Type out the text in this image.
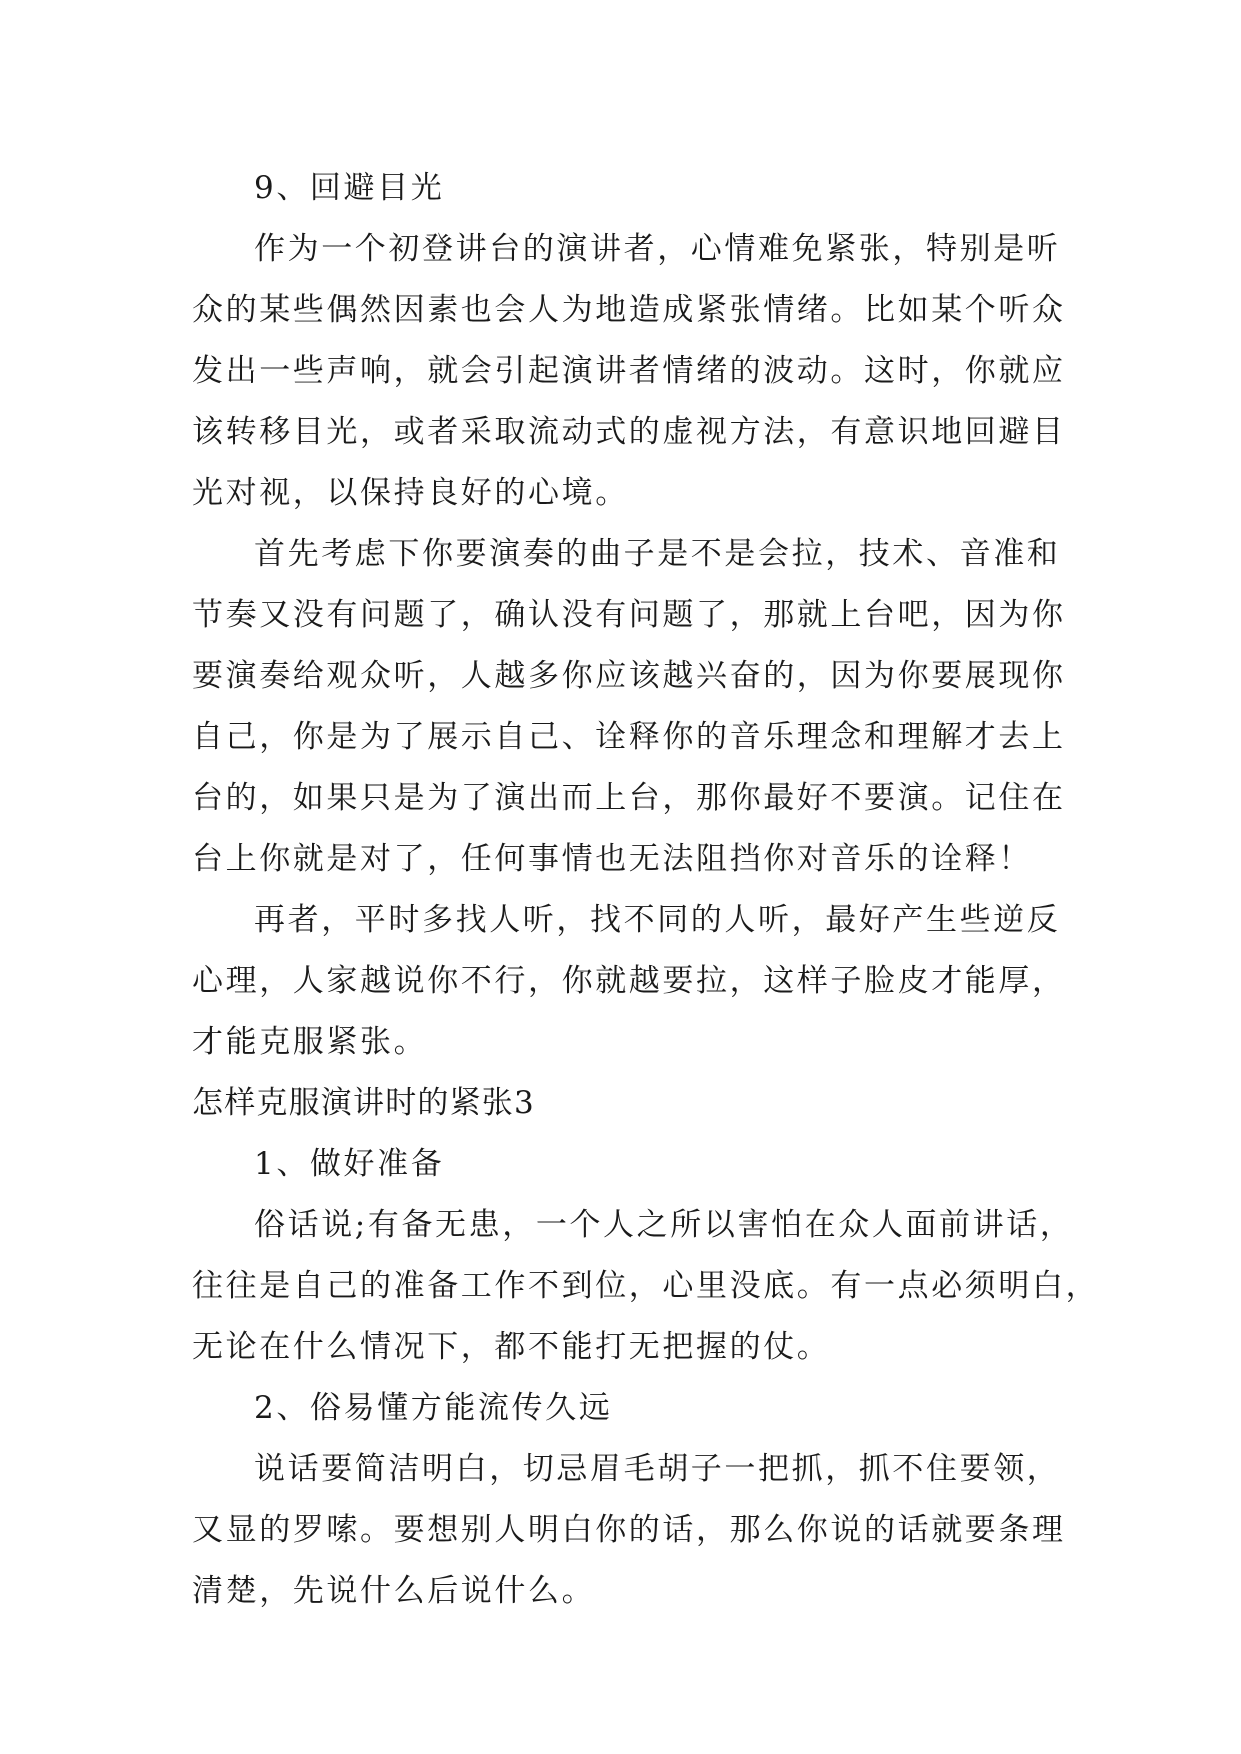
9、回避目光
作为一个初登讲台的演讲者，心情难免紧张，特别是听
众的某些偶然因素也会人为地造成紧张情绪。比如某个听众
发出一些声响，就会引起演讲者情绪的波动。这时，你就应
该转移目光，或者采取流动式的虚视方法，有意识地回避目
光对视，以保持良好的心境。
首先考虑下你要演奏的曲子是不是会拉，技术、音准和
节奏又没有问题了，确认没有问题了，那就上台吧，因为你
要演奏给观众听，人越多你应该越兴奋的，因为你要展现你
自己，你是为了展示自己、诠释你的音乐理念和理解才去上
台的，如果只是为了演出而上台，那你最好不要演。记住在
台上你就是对了，任何事情也无法阻挡你对音乐的诠释！
再者，平时多找人听，找不同的人听，最好产生些逆反
心理，人家越说你不行，你就越要拉，这样子脸皮才能厚，
才能克服紧张。
怎样克服演讲时的紧张3
1、做好准备
俗话说;有备无患，一个人之所以害怕在众人面前讲话，
往往是自己的准备工作不到位，心里没底。有一点必须明白，
无论在什么情况下，都不能打无把握的仗。
2、俗易懂方能流传久远
说话要简洁明白，切忌眉毛胡子一把抓，抓不住要领，
又显的罗嗦。要想别人明白你的话，那么你说的话就要条理
清楚，先说什么后说什么。
